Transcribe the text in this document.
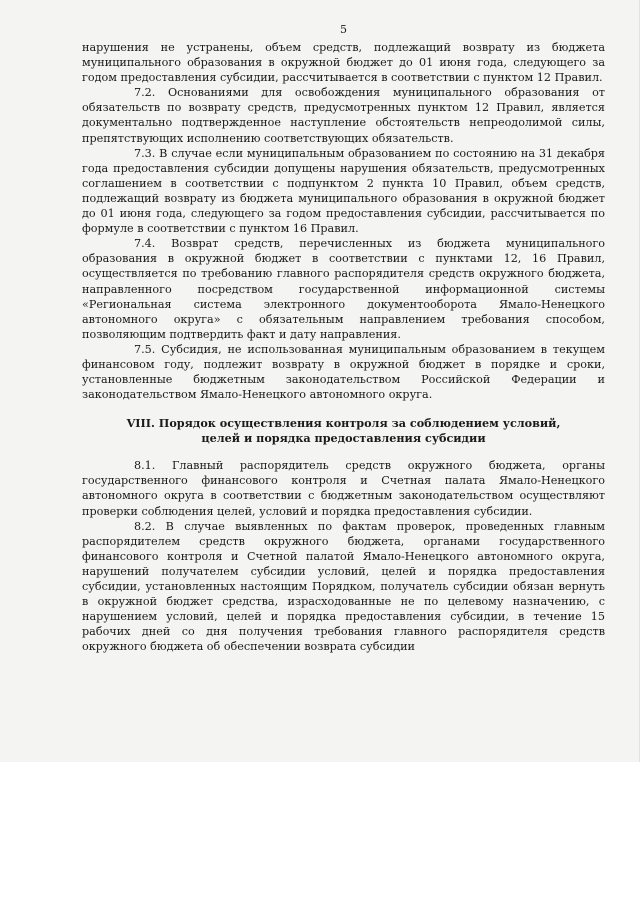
5

нарушения не устранены, объем средств, подлежащий возврату из бюджета муниципального образования в окружной бюджет до 01 июня года, следующего за годом предоставления субсидии, рассчитывается в соответствии с пунктом 12 Правил.

7.2. Основаниями для освобождения муниципального образования от обязательств по возврату средств, предусмотренных пунктом 12 Правил, является документально подтвержденное наступление обстоятельств непреодолимой силы, препятствующих исполнению соответствующих обязательств.

7.3. В случае если муниципальным образованием по состоянию на 31 декабря года предоставления субсидии допущены нарушения обязательств, предусмотренных соглашением в соответствии с подпунктом 2 пункта 10 Правил, объем средств, подлежащий возврату из бюджета муниципального образования в окружной бюджет до 01 июня года, следующего за годом предоставления субсидии, рассчитывается по формуле в соответствии с пунктом 16 Правил.

7.4. Возврат средств, перечисленных из бюджета муниципального образования в окружной бюджет в соответствии с пунктами 12, 16 Правил, осуществляется по требованию главного распорядителя средств окружного бюджета, направленного посредством государственной информационной системы «Региональная система электронного документооборота Ямало-Ненецкого автономного округа» с обязательным направлением требования способом, позволяющим подтвердить факт и дату направления.

7.5. Субсидия, не использованная муниципальным образованием в текущем финансовом году, подлежит возврату в окружной бюджет в порядке и сроки, установленные бюджетным законодательством Российской Федерации и законодательством Ямало-Ненецкого автономного округа.

VIII. Порядок осуществления контроля за соблюдением условий,
целей и порядка предоставления субсидии

8.1. Главный распорядитель средств окружного бюджета, органы государственного финансового контроля и Счетная палата Ямало-Ненецкого автономного округа в соответствии с бюджетным законодательством осуществляют проверки соблюдения целей, условий и порядка предоставления субсидии.

8.2. В случае выявленных по фактам проверок, проведенных главным распорядителем средств окружного бюджета, органами государственного финансового контроля и Счетной палатой Ямало-Ненецкого автономного округа, нарушений получателем субсидии условий, целей и порядка предоставления субсидии, установленных настоящим Порядком, получатель субсидии обязан вернуть в окружной бюджет средства, израсходованные не по целевому назначению, с нарушением условий, целей и порядка предоставления субсидии, в течение 15 рабочих дней со дня получения требования главного распорядителя средств окружного бюджета об обеспечении возврата субсидии
